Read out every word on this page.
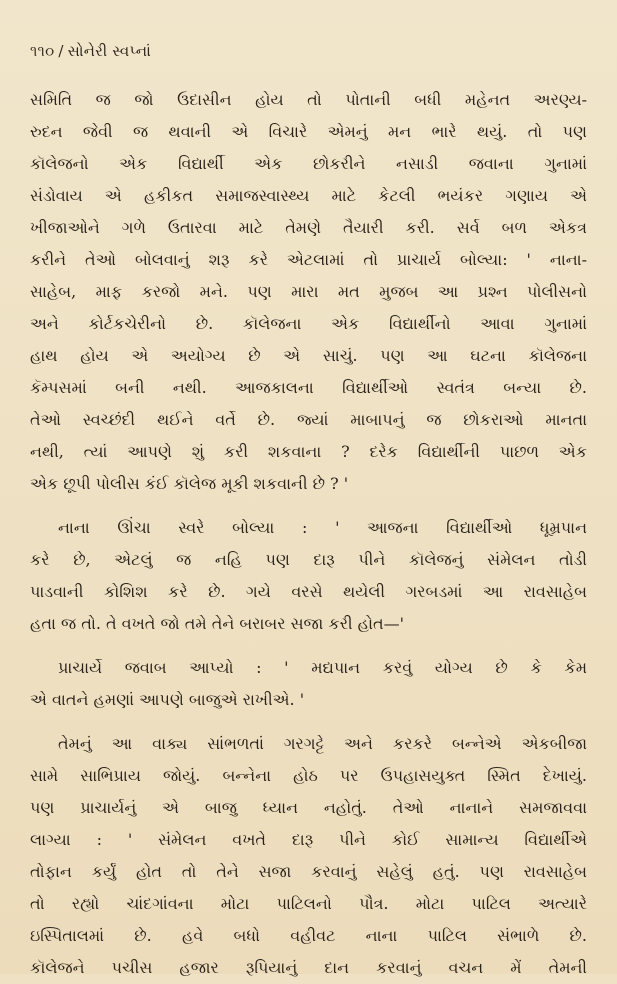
૧૧૦ / સોનેરી સ્વપ્નાં
સમિતિ જ જો ઉદાસીન હોય તો પોતાની બધી મહેનત અરણ્ય-
રુદન જેવી જ થવાની એ વિચારે એમનું મન ભારે થયું. તો પણ
કૉલેજનો એક વિદ્યાર્થી એક છોકરીને નસાડી જવાના ગુનામાં
સંડોવાય એ હકીકત સમાજસ્વાસ્થ્ય માટે કેટલી ભયંકર ગણાય એ
ખીજાઓને ગળે ઉતારવા માટે તેમણે તૈયારી કરી. સર્વ બળ એકત્ર
કરીને તેઓ બોલવાનું શરૂ કરે એટલામાં તો પ્રાચાર્ય બોલ્યા: ' નાના-
સાહેબ, માફ કરજો મને. પણ મારા મત મુજબ આ પ્રશ્ન પોલીસનો
અને કોર્ટકચેરીનો છે. કૉલેજના એક વિદ્યાર્થીનો આવા ગુનામાં
હાથ હોય એ અયોગ્ય છે એ સાચું. પણ આ ઘટના કૉલેજના
કૅમ્પસમાં બની નથી. આજકાલના વિદ્યાર્થીઓ સ્વતંત્ર બન્યા છે.
તેઓ સ્વચ્છંદી થઈને વર્તે છે. જ્યાં માબાપનું જ છોકરાઓ માનતા
નથી, ત્યાં આપણે શું કરી શકવાના ? દરેક વિદ્યાર્થીની પાછળ એક
એક છૂપી પોલીસ કંઈ કૉલેજ મૂકી શકવાની છે ? '
નાના ઊંચા સ્વરે બોલ્યા : ' આજના વિદ્યાર્થીઓ ધૂમ્રપાન
કરે છે, એટલું જ નહિ પણ દારૂ પીને કૉલેજનું સંમેલન તોડી
પાડવાની કોશિશ કરે છે. ગયે વરસે થયેલી ગરબડમાં આ રાવસાહેબ
હતા જ તો. તે વખતે જો તમે તેને બરાબર સજા કરી હોત—'
પ્રાચાર્યે જવાબ આપ્યો : ' મદ્યપાન કરવું યોગ્ય છે કે કેમ
એ વાતને હમણાં આપણે બાજુએ રાખીએ. '
તેમનું આ વાક્ય સાંભળતાં ગરગટ્ટે અને કરકરે બન્નેએ એકબીજા
સામે સાભિપ્રાય જોયું. બન્નેના હોઠ પર ઉપહાસયુક્ત સ્મિત દેખાયું.
પણ પ્રાચાર્યનું એ બાજુ ધ્યાન નહોતું. તેઓ નાનાને સમજાવવા
લાગ્યા : ' સંમેલન વખતે દારૂ પીને કોઈ સામાન્ય વિદ્યાર્થીએ
તોફાન કર્યું હોત તો તેને સજા કરવાનું સહેલું હતું. પણ રાવસાહેબ
તો રહ્યો ચાંદગાંવના મોટા પાટિલનો પૌત્ર. મોટા પાટિલ અત્યારે
ઇસ્પિતાલમાં છે. હવે બધો વહીવટ નાના પાટિલ સંભાળે છે.
કૉલેજને પચીસ હજાર રૂપિયાનું દાન કરવાનું વચન મેં તેમની
